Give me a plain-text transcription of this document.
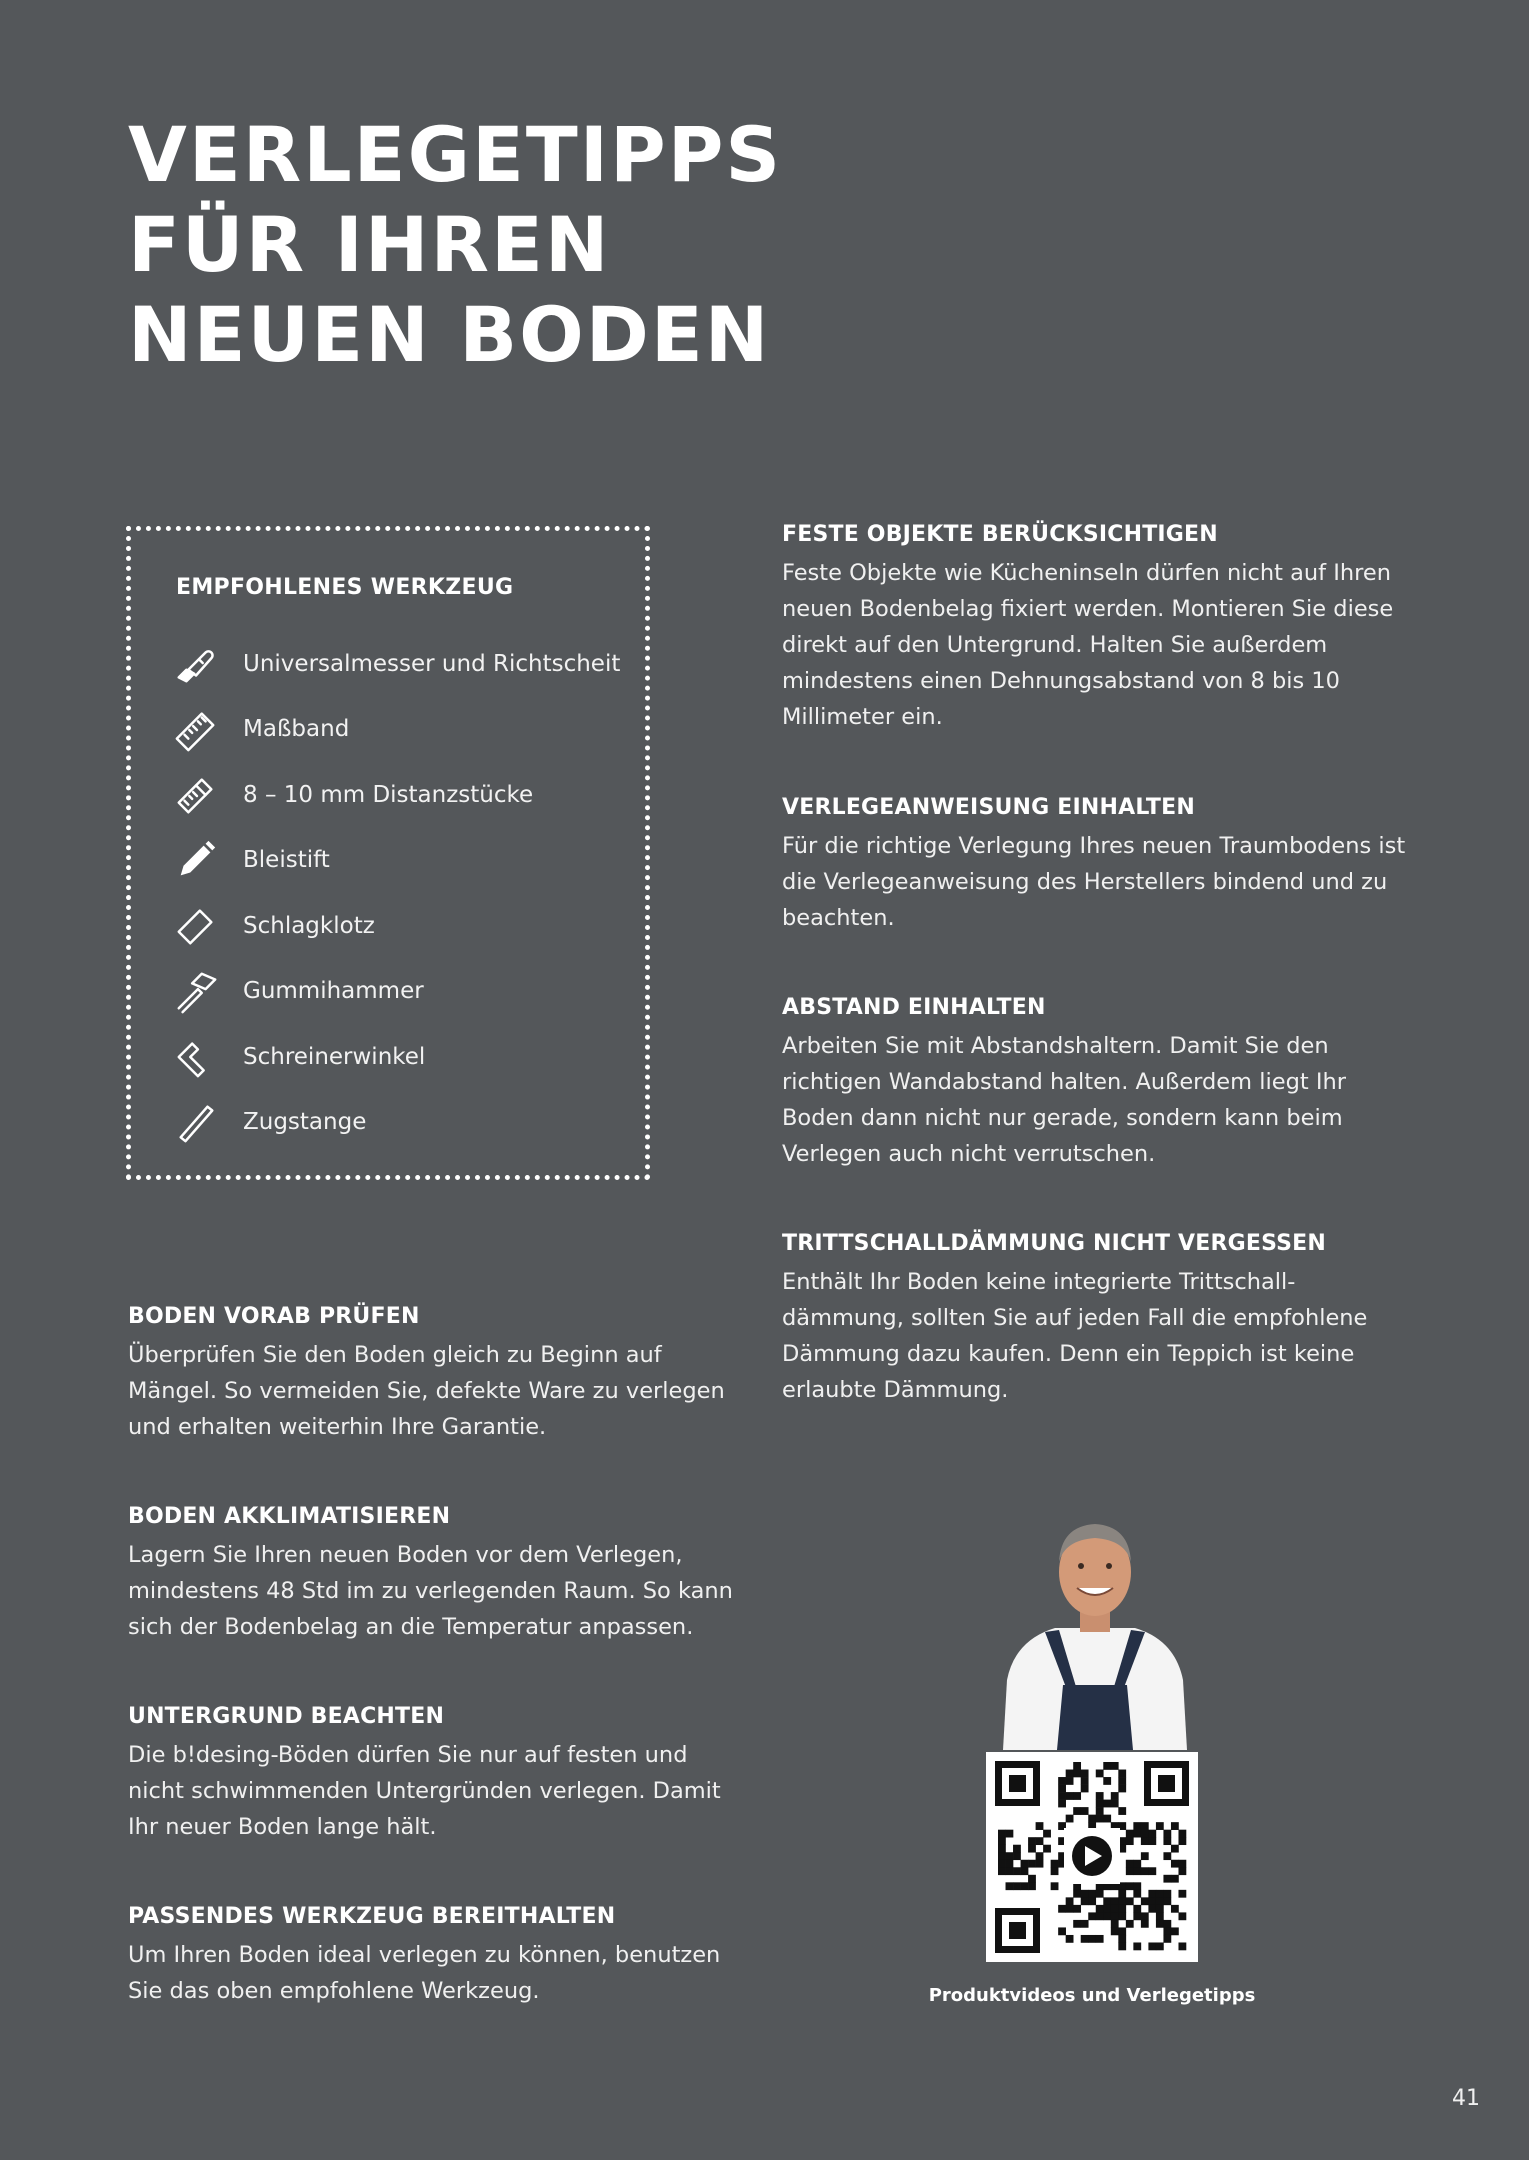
VERLEGETIPPS
FÜR IHREN
NEUEN BODEN
EMPFOHLENES WERKZEUG
Universalmesser und Richtscheit
Maßband
8 – 10 mm Distanzstücke
Bleistift
Schlagklotz
Gummihammer
Schreinerwinkel
Zugstange
BODEN VORAB PRÜFEN

Überprüfen Sie den Boden gleich zu Beginn auf Mängel. So vermeiden Sie, defekte Ware zu verlegen und erhalten weiterhin Ihre Garantie.

BODEN AKKLIMATISIEREN

Lagern Sie Ihren neuen Boden vor dem Verlegen, mindestens 48 Std im zu verlegenden Raum. So kann sich der Bodenbelag an die Temperatur anpassen.

UNTERGRUND BEACHTEN

Die b!desing-Böden dürfen Sie nur auf festen und nicht schwimmenden Untergründen verlegen. Damit Ihr neuer Boden lange hält.

PASSENDES WERKZEUG BEREITHALTEN

Um Ihren Boden ideal verlegen zu können, benutzen Sie das oben empfohlene Werkzeug.

FESTE OBJEKTE BERÜCKSICHTIGEN

Feste Objekte wie Kücheninseln dürfen nicht auf Ihren neuen Bodenbelag fixiert werden. Montieren Sie diese direkt auf den Untergrund. Halten Sie außerdem mindestens einen Dehnungsabstand von 8 bis 10 Millimeter ein.

VERLEGEANWEISUNG EINHALTEN

Für die richtige Verlegung Ihres neuen Traumbodens ist die Verlegeanweisung des Herstellers bindend und zu beachten.

ABSTAND EINHALTEN

Arbeiten Sie mit Abstandshaltern. Damit Sie den richtigen Wandabstand halten. Außerdem liegt Ihr Boden dann nicht nur gerade, sondern kann beim Verlegen auch nicht verrutschen.

TRITTSCHALLDÄMMUNG NICHT VERGESSEN

Enthält Ihr Boden keine integrierte Trittschall-dämmung, sollten Sie auf jeden Fall die empfohlene Dämmung dazu kaufen. Denn ein Teppich ist keine erlaubte Dämmung.

Produktvideos und Verlegetipps
41
